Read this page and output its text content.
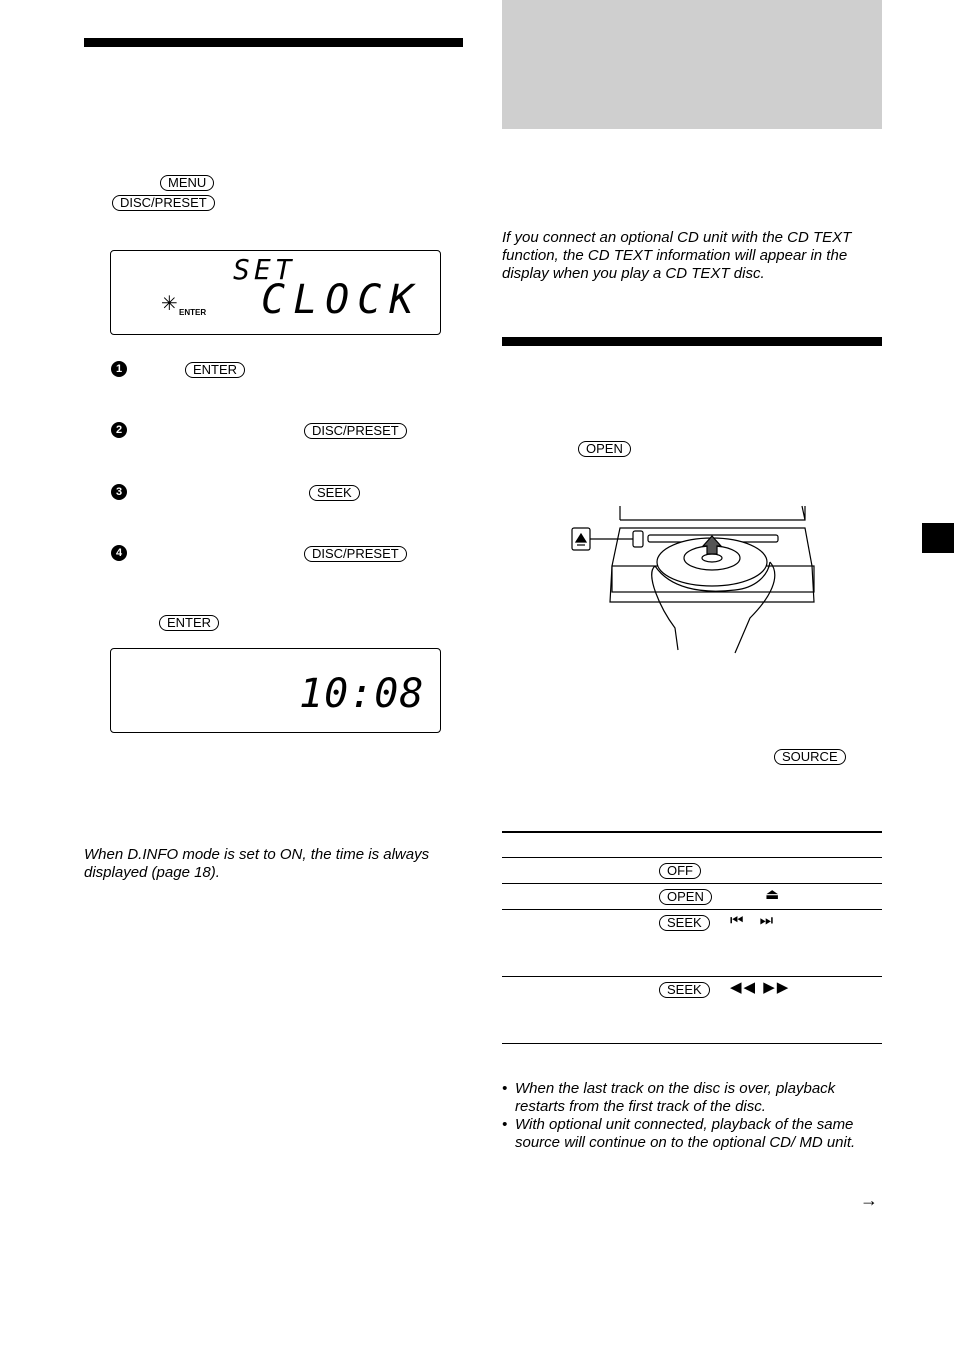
MENU
DISC/PRESET
SET
✳ ENTER CLOCK
1	ENTER
2	DISC/PRESET
3	SEEK
4	DISC/PRESET
ENTER
10:08
When D.INFO mode is set to ON, the time is always displayed (page 18).
If you connect an optional CD unit with the CD TEXT function, the CD TEXT information will appear in the display when you play a CD TEXT disc.
OPEN
SOURCE
OFF
OPEN	⏏
SEEK	⏮ ⏭
SEEK	◀◀ ▶▶
• When the last track on the disc is over, playback restarts from the first track of the disc.
• With optional unit connected, playback of the same source will continue on to the optional CD/ MD unit.
→
